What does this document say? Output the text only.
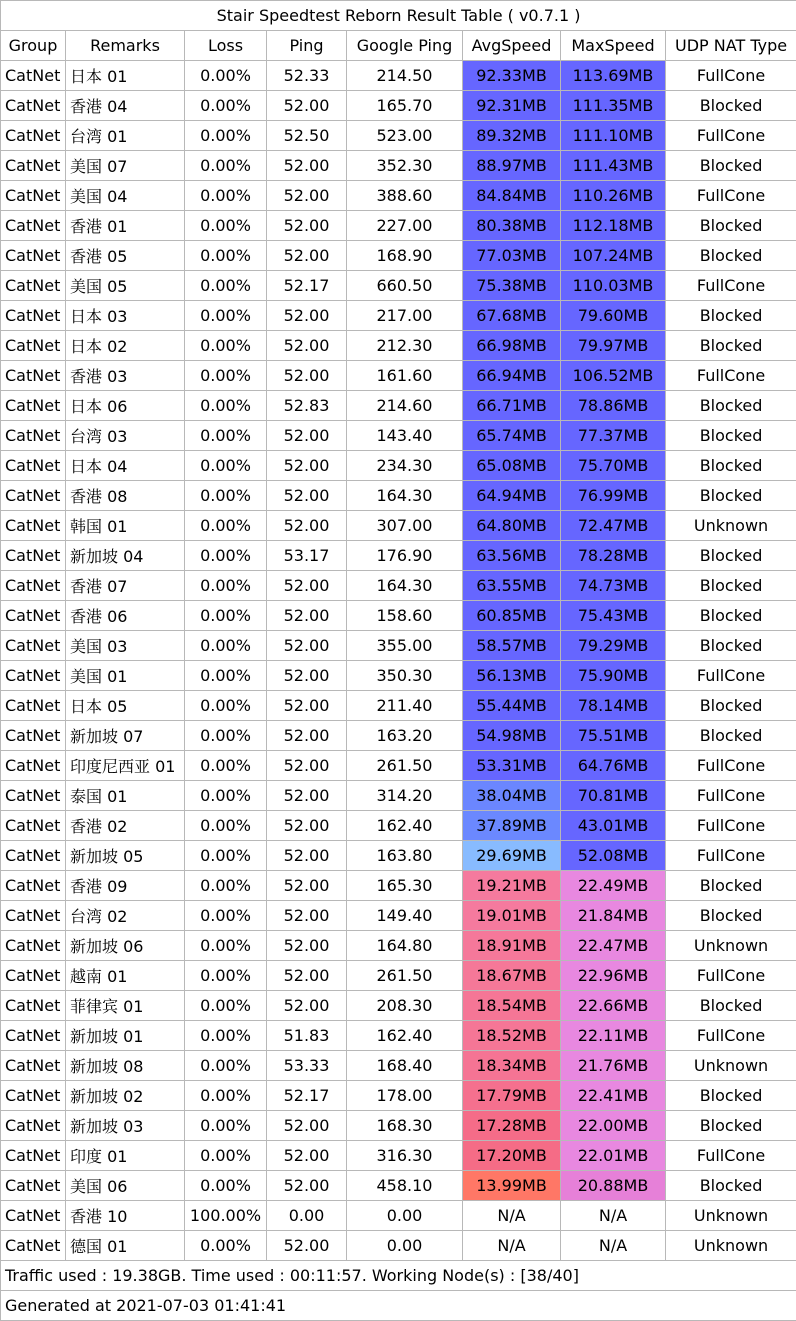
Stair Speedtest Reborn Result Table ( v0.7.1 )							
Group	Remarks	Loss	Ping	Google Ping	AvgSpeed	MaxSpeed	UDP NAT Type
CatNet	日本 01	0.00%	52.33	214.50	92.33MB	113.69MB	FullCone
CatNet	香港 04	0.00%	52.00	165.70	92.31MB	111.35MB	Blocked
CatNet	台湾 01	0.00%	52.50	523.00	89.32MB	111.10MB	FullCone
CatNet	美国 07	0.00%	52.00	352.30	88.97MB	111.43MB	Blocked
CatNet	美国 04	0.00%	52.00	388.60	84.84MB	110.26MB	FullCone
CatNet	香港 01	0.00%	52.00	227.00	80.38MB	112.18MB	Blocked
CatNet	香港 05	0.00%	52.00	168.90	77.03MB	107.24MB	Blocked
CatNet	美国 05	0.00%	52.17	660.50	75.38MB	110.03MB	FullCone
CatNet	日本 03	0.00%	52.00	217.00	67.68MB	79.60MB	Blocked
CatNet	日本 02	0.00%	52.00	212.30	66.98MB	79.97MB	Blocked
CatNet	香港 03	0.00%	52.00	161.60	66.94MB	106.52MB	FullCone
CatNet	日本 06	0.00%	52.83	214.60	66.71MB	78.86MB	Blocked
CatNet	台湾 03	0.00%	52.00	143.40	65.74MB	77.37MB	Blocked
CatNet	日本 04	0.00%	52.00	234.30	65.08MB	75.70MB	Blocked
CatNet	香港 08	0.00%	52.00	164.30	64.94MB	76.99MB	Blocked
CatNet	韩国 01	0.00%	52.00	307.00	64.80MB	72.47MB	Unknown
CatNet	新加坡 04	0.00%	53.17	176.90	63.56MB	78.28MB	Blocked
CatNet	香港 07	0.00%	52.00	164.30	63.55MB	74.73MB	Blocked
CatNet	香港 06	0.00%	52.00	158.60	60.85MB	75.43MB	Blocked
CatNet	美国 03	0.00%	52.00	355.00	58.57MB	79.29MB	Blocked
CatNet	美国 01	0.00%	52.00	350.30	56.13MB	75.90MB	FullCone
CatNet	日本 05	0.00%	52.00	211.40	55.44MB	78.14MB	Blocked
CatNet	新加坡 07	0.00%	52.00	163.20	54.98MB	75.51MB	Blocked
CatNet	印度尼西亚 01	0.00%	52.00	261.50	53.31MB	64.76MB	FullCone
CatNet	泰国 01	0.00%	52.00	314.20	38.04MB	70.81MB	FullCone
CatNet	香港 02	0.00%	52.00	162.40	37.89MB	43.01MB	FullCone
CatNet	新加坡 05	0.00%	52.00	163.80	29.69MB	52.08MB	FullCone
CatNet	香港 09	0.00%	52.00	165.30	19.21MB	22.49MB	Blocked
CatNet	台湾 02	0.00%	52.00	149.40	19.01MB	21.84MB	Blocked
CatNet	新加坡 06	0.00%	52.00	164.80	18.91MB	22.47MB	Unknown
CatNet	越南 01	0.00%	52.00	261.50	18.67MB	22.96MB	FullCone
CatNet	菲律宾 01	0.00%	52.00	208.30	18.54MB	22.66MB	Blocked
CatNet	新加坡 01	0.00%	51.83	162.40	18.52MB	22.11MB	FullCone
CatNet	新加坡 08	0.00%	53.33	168.40	18.34MB	21.76MB	Unknown
CatNet	新加坡 02	0.00%	52.17	178.00	17.79MB	22.41MB	Blocked
CatNet	新加坡 03	0.00%	52.00	168.30	17.28MB	22.00MB	Blocked
CatNet	印度 01	0.00%	52.00	316.30	17.20MB	22.01MB	FullCone
CatNet	美国 06	0.00%	52.00	458.10	13.99MB	20.88MB	Blocked
CatNet	香港 10	100.00%	0.00	0.00	N/A	N/A	Unknown
CatNet	德国 01	0.00%	52.00	0.00	N/A	N/A	Unknown
Traffic used : 19.38GB. Time used : 00:11:57. Working Node(s) : [38/40]							
Generated at 2021-07-03 01:41:41							
